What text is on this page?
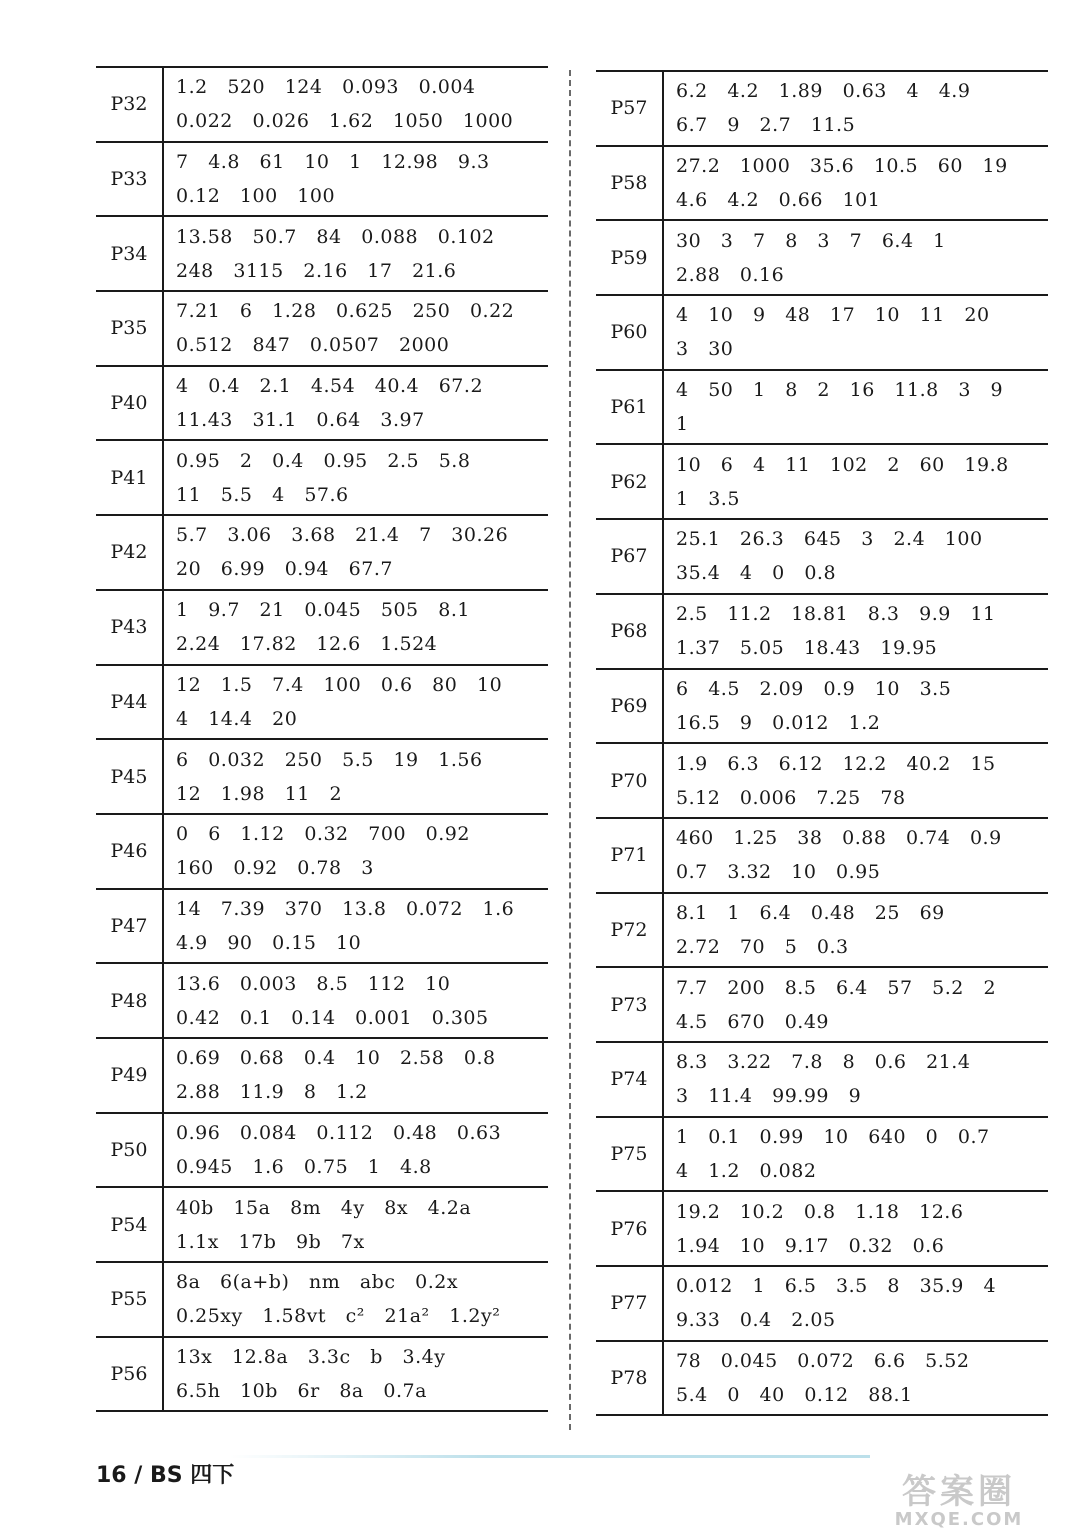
P32	1.2   520   124   0.093   0.004
0.022   0.026   1.62   1050   1000

P33	7   4.8   61   10   1   12.98   9.3
0.12   100   100

P34	13.58   50.7   84   0.088   0.102
248   3115   2.16   17   21.6

P35	7.21   6   1.28   0.625   250   0.22
0.512   847   0.0507   2000

P40	4   0.4   2.1   4.54   40.4   67.2
11.43   31.1   0.64   3.97

P41	0.95   2   0.4   0.95   2.5   5.8
11   5.5   4   57.6

P42	5.7   3.06   3.68   21.4   7   30.26
20   6.99   0.94   67.7

P43	1   9.7   21   0.045   505   8.1
2.24   17.82   12.6   1.524

P44	12   1.5   7.4   100   0.6   80   10
4   14.4   20

P45	6   0.032   250   5.5   19   1.56
12   1.98   11   2

P46	0   6   1.12   0.32   700   0.92
160   0.92   0.78   3

P47	14   7.39   370   13.8   0.072   1.6
4.9   90   0.15   10

P48	13.6   0.003   8.5   112   10
0.42   0.1   0.14   0.001   0.305

P49	0.69   0.68   0.4   10   2.58   0.8
2.88   11.9   8   1.2

P50	0.96   0.084   0.112   0.48   0.63
0.945   1.6   0.75   1   4.8

P54	40b   15a   8m   4y   8x   4.2a
1.1x   17b   9b   7x

P55	8a   6(a+b)   nm   abc   0.2x
0.25xy   1.58vt   c²   21a²   1.2y²

P56	13x   12.8a   3.3c   b   3.4y
6.5h   10b   6r   8a   0.7a
P57	6.2   4.2   1.89   0.63   4   4.9
6.7   9   2.7   11.5

P58	27.2   1000   35.6   10.5   60   19
4.6   4.2   0.66   101

P59	30   3   7   8   3   7   6.4   1
2.88   0.16

P60	4   10   9   48   17   10   11   20
3   30

P61	4   50   1   8   2   16   11.8   3   9
1

P62	10   6   4   11   102   2   60   19.8
1   3.5

P67	25.1   26.3   645   3   2.4   100
35.4   4   0   0.8

P68	2.5   11.2   18.81   8.3   9.9   11
1.37   5.05   18.43   19.95

P69	6   4.5   2.09   0.9   10   3.5
16.5   9   0.012   1.2

P70	1.9   6.3   6.12   12.2   40.2   15
5.12   0.006   7.25   78

P71	460   1.25   38   0.88   0.74   0.9
0.7   3.32   10   0.95

P72	8.1   1   6.4   0.48   25   69
2.72   70   5   0.3

P73	7.7   200   8.5   6.4   57   5.2   2
4.5   670   0.49

P74	8.3   3.22   7.8   8   0.6   21.4
3   11.4   99.99   9

P75	1   0.1   0.99   10   640   0   0.7
4   1.2   0.082

P76	19.2   10.2   0.8   1.18   12.6
1.94   10   9.17   0.32   0.6

P77	0.012   1   6.5   3.5   8   35.9   4
9.33   0.4   2.05

P78	78   0.045   0.072   6.6   5.52
5.4   0   40   0.12   88.1
16 / BS 四下	答案圈
MXQE.COM
